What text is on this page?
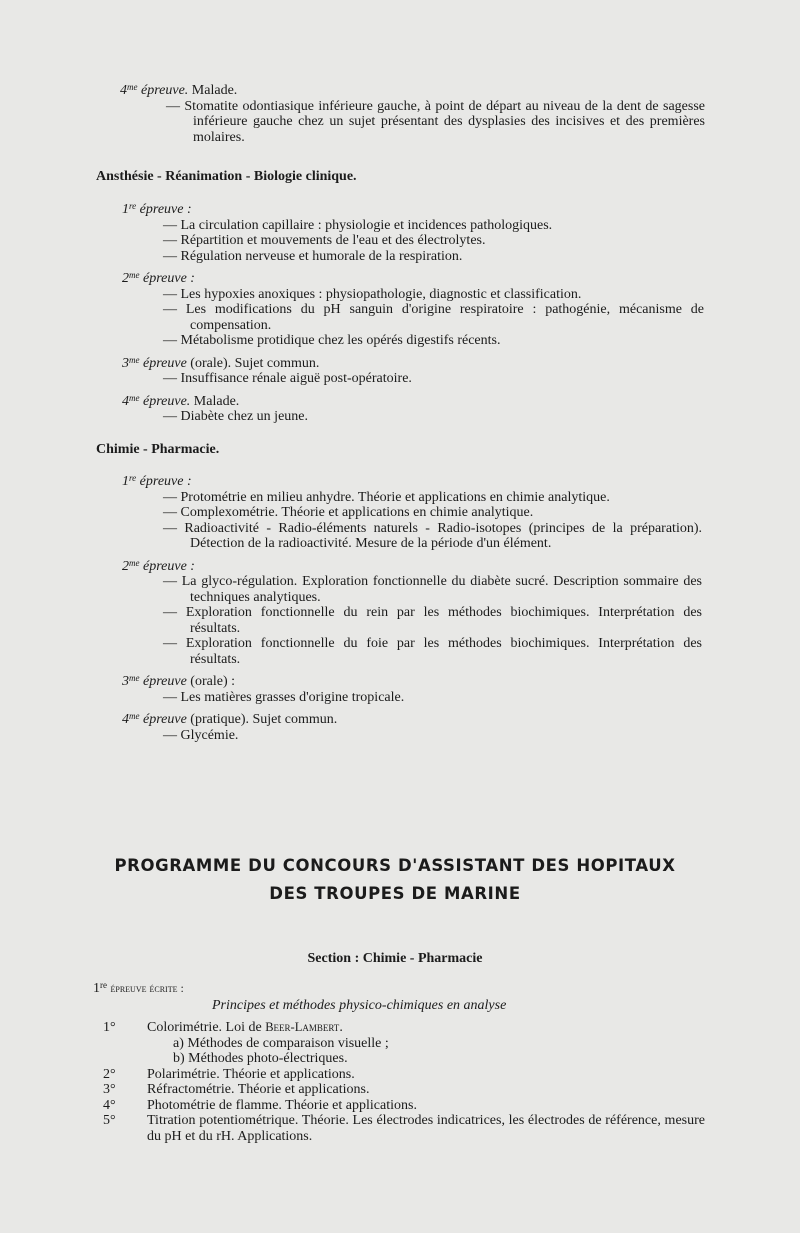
$4^{me}$ épreuve. Malade.
— Stomatite odontiasique inférieure gauche, à point de départ au niveau de la dent de sagesse inférieure gauche chez un sujet présentant des dysplasies des incisives et des premières molaires.
Ansthésie - Réanimation - Biologie clinique.
1re épreuve :
— La circulation capillaire : physiologie et incidences pathologiques.
— Répartition et mouvements de l'eau et des électrolytes.
— Régulation nerveuse et humorale de la respiration.
$2^{me}$ épreuve :
— Les hypoxies anoxiques : physiopathologie, diagnostic et classification.
— Les modifications du pH sanguin d'origine respiratoire : pathogénie, mécanisme de compensation.
— Métabolisme protidique chez les opérés digestifs récents.
$3^{me}$ épreuve (orale). Sujet commun.
— Insuffisance rénale aiguë post-opératoire.
$4^{me}$ épreuve. Malade.
— Diabète chez un jeune.
Chimie - Pharmacie.
1re épreuve :
— Protométrie en milieu anhydre. Théorie et applications en chimie analytique.
— Complexométrie. Théorie et applications en chimie analytique.
— Radioactivité - Radio-éléments naturels - Radio-isotopes (principes de la préparation). Détection de la radioactivité. Mesure de la période d'un élément.
$2^{me}$ épreuve :
— La glyco-régulation. Exploration fonctionnelle du diabète sucré. Description sommaire des techniques analytiques.
— Exploration fonctionnelle du rein par les méthodes biochimiques. Interprétation des résultats.
— Exploration fonctionnelle du foie par les méthodes biochimiques. Interprétation des résultats.
$3^{me}$ épreuve (orale) :
— Les matières grasses d'origine tropicale.
$4^{me}$ épreuve (pratique). Sujet commun.
— Glycémie.
PROGRAMME DU CONCOURS D'ASSISTANT DES HOPITAUX
DES TROUPES DE MARINE
Section : Chimie - Pharmacie
1re épreuve écrite :
Principes et méthodes physico-chimiques en analyse
1° Colorimétrie. Loi de Beer-Lambert.
a) Méthodes de comparaison visuelle ;
b) Méthodes photo-électriques.
2° Polarimétrie. Théorie et applications.
3° Réfractométrie. Théorie et applications.
4° Photométrie de flamme. Théorie et applications.
5° Titration potentiométrique. Théorie. Les électrodes indicatrices, les électrodes de référence, mesure du pH et du rH. Applications.
